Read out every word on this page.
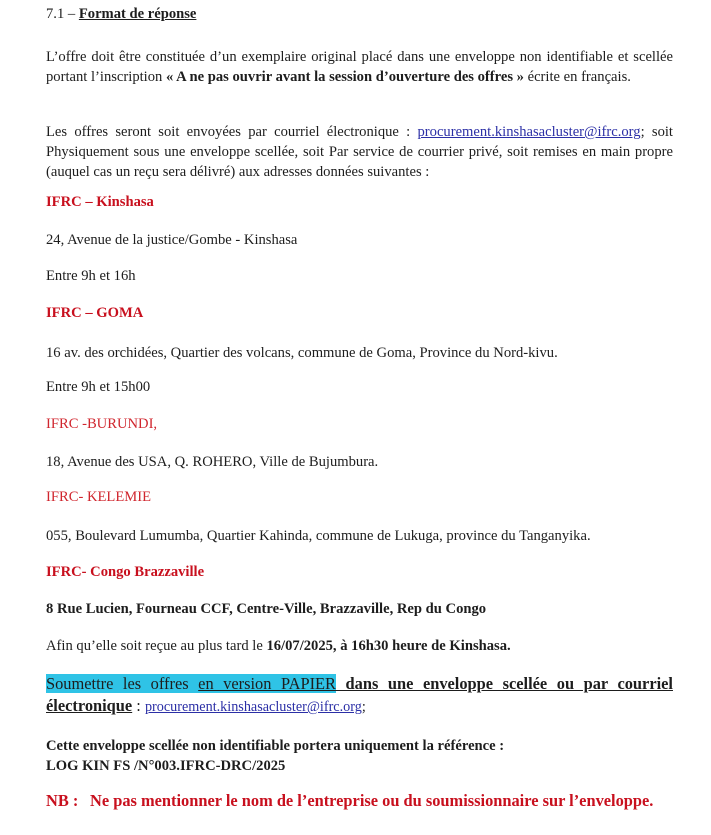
7.1 – Format de réponse
L’offre doit être constituée d’un exemplaire original placé dans une enveloppe non identifiable et scellée portant l’inscription « A ne pas ouvrir avant la session d’ouverture des offres » écrite en français.
Les offres seront soit envoyées par courriel électronique : procurement.kinshasacluster@ifrc.org; soit Physiquement sous une enveloppe scellée, soit Par service de courrier privé, soit remises en main propre (auquel cas un reçu sera délivré) aux adresses données suivantes :
IFRC – Kinshasa
24, Avenue de la justice/Gombe - Kinshasa
Entre 9h et 16h
IFRC – GOMA
16 av. des orchidées, Quartier des volcans, commune de Goma, Province du Nord-kivu.
Entre 9h et 15h00
IFRC -BURUNDI,
18, Avenue des USA, Q. ROHERO, Ville de Bujumbura.
IFRC- KELEMIE
055, Boulevard Lumumba, Quartier Kahinda, commune de Lukuga, province du Tanganyika.
IFRC- Congo Brazzaville
8 Rue Lucien, Fourneau CCF, Centre-Ville, Brazzaville, Rep du Congo
Afin qu’elle soit reçue au plus tard le 16/07/2025, à 16h30 heure de Kinshasa.
Soumettre les offres en version PAPIER dans une enveloppe scellée ou par courriel électronique : procurement.kinshasacluster@ifrc.org;
Cette enveloppe scellée non identifiable portera uniquement la référence :
LOG KIN FS /N°003.IFRC-DRC/2025
NB : Ne pas mentionner le nom de l’entreprise ou du soumissionnaire sur l’enveloppe.
